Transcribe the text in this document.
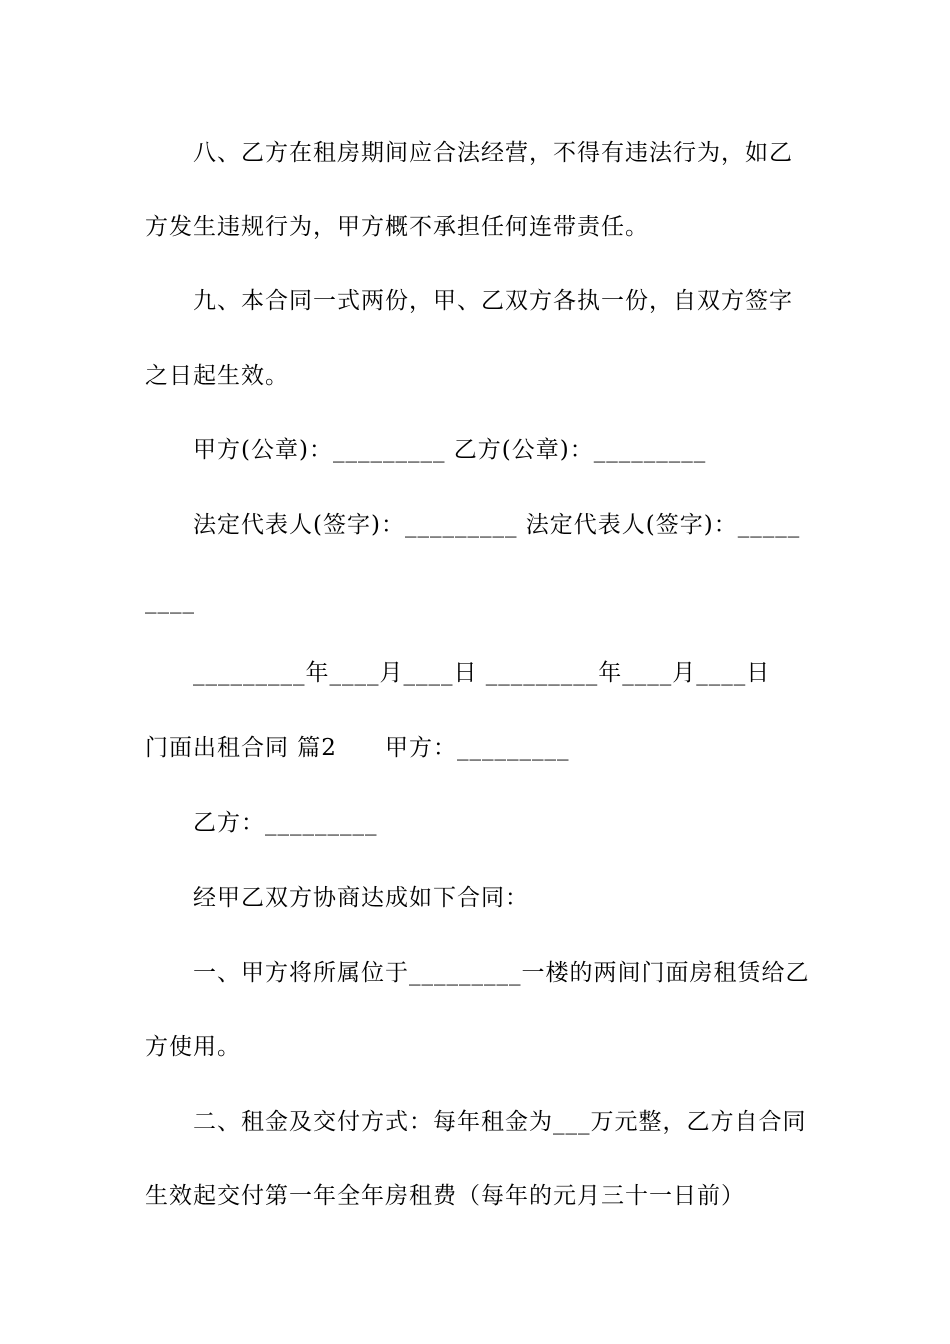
八、乙方在租房期间应合法经营，不得有违法行为，如乙
方发生违规行为，甲方概不承担任何连带责任。
九、本合同一式两份，甲、乙双方各执一份，自双方签字
之日起生效。
甲方(公章)：_________ 乙方(公章)：_________
法定代表人(签字)：_________ 法定代表人(签字)：_____
____
_________年____月____日 _________年____月____日
门面出租合同 篇2　　甲方：_________
乙方：_________
经甲乙双方协商达成如下合同：
一、甲方将所属位于_________一楼的两间门面房租赁给乙
方使用。
二、租金及交付方式：每年租金为___万元整，乙方自合同
生效起交付第一年全年房租费（每年的元月三十一日前）
